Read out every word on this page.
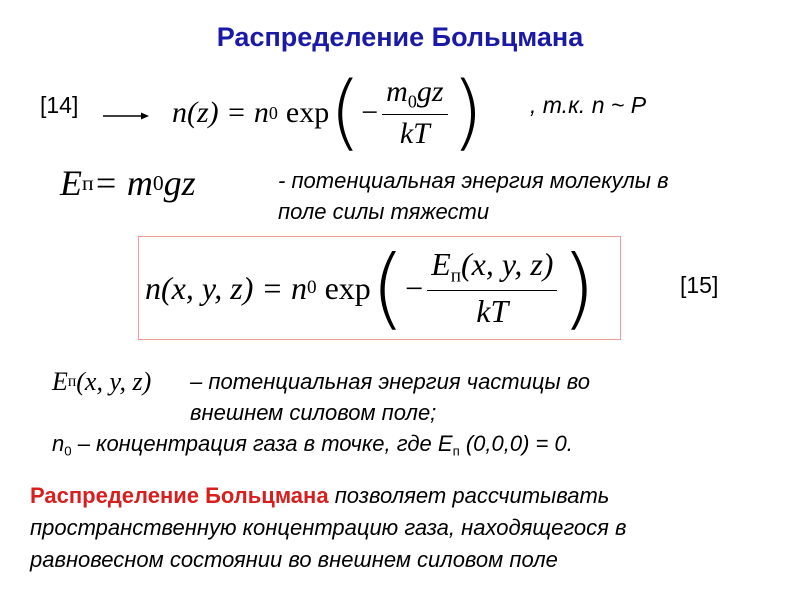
Распределение Больцмана
[14]	n(z) = n 0 exp ( − $\frac{m_0gz}{kT}$ ) , т.к. n ~ P
E п = m 0 gz	- потенциальная энергия молекулы в
поле силы тяжести
n(x, y, z) = n 0 exp ( − $\frac{E_п(x, y, z)}{kT}$ )	[15]
E п (x, y, z) – потенциальная энергия частицы во
внешнем силовом поле;
$n_0$ – концентрация газа в точке, где $Е_п$ (0,0,0) = 0.
Распределение Больцмана позволяет рассчитывать
пространственную концентрацию газа, находящегося в
равновесном состоянии во внешнем силовом поле
